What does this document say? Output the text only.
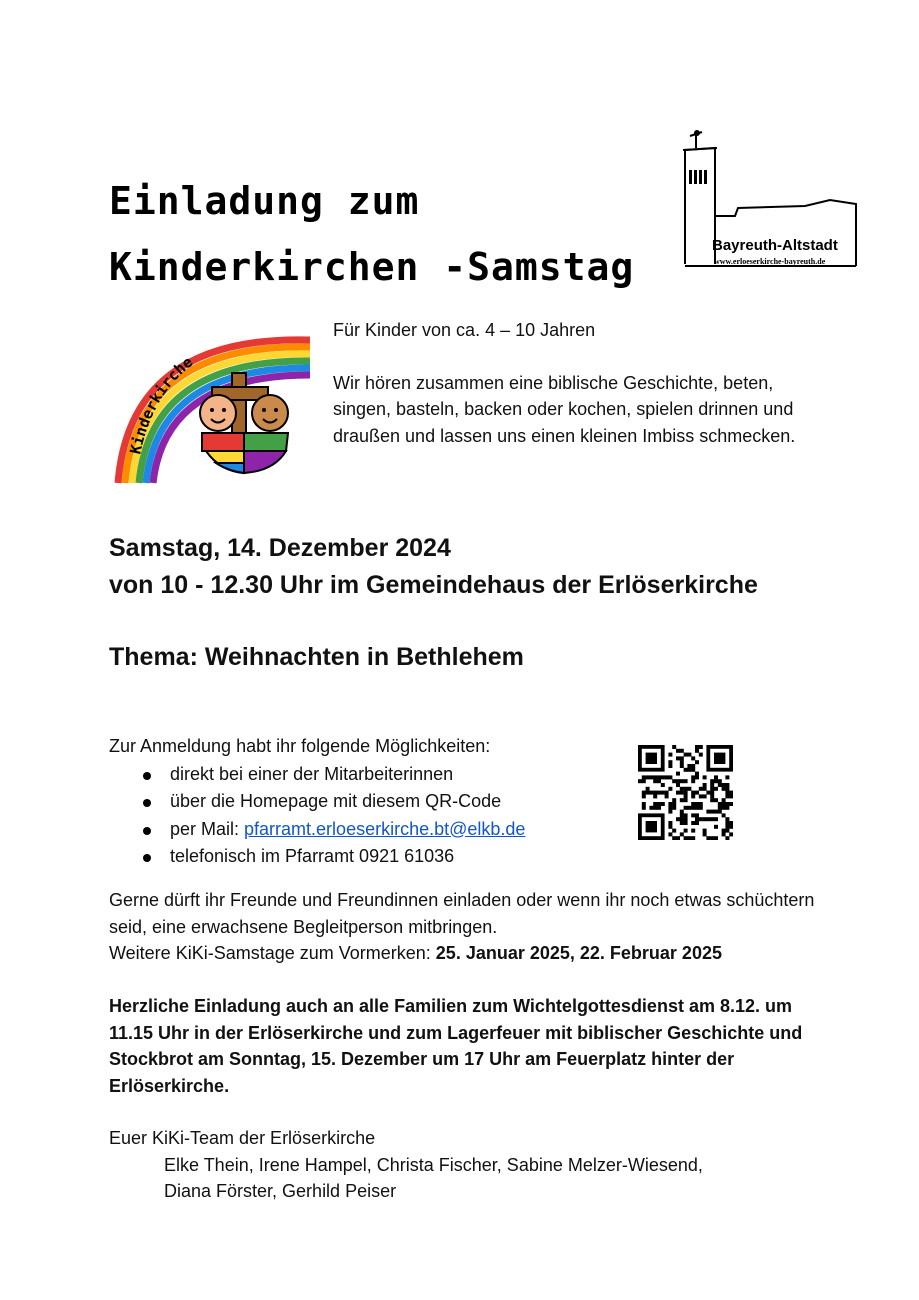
Einladung zum
Kinderkirchen -Samstag	Bayreuth-Altstadt
www.erloeserkirche-bayreuth.de
Kinderkirche

Für Kinder von ca. 4 – 10 Jahren

Wir hören zusammen eine biblische Geschichte, beten, singen, basteln, backen oder kochen, spielen drinnen und draußen und lassen uns einen kleinen Imbiss schmecken.

Samstag, 14. Dezember 2024
von 10 - 12.30 Uhr im Gemeindehaus der Erlöserkirche
Thema: Weihnachten in Bethlehem
Zur Anmeldung habt ihr folgende Möglichkeiten:
direkt bei einer der Mitarbeiterinnen
über die Homepage mit diesem QR-Code
per Mail: pfarramt.erloeserkirche.bt@elkb.de
telefonisch im Pfarramt 0921 61036
Gerne dürft ihr Freunde und Freundinnen einladen oder wenn ihr noch etwas schüchtern seid, eine erwachsene Begleitperson mitbringen.
Weitere KiKi-Samstage zum Vormerken: 25. Januar 2025, 22. Februar 2025
Herzliche Einladung auch an alle Familien zum Wichtelgottesdienst am 8.12. um 11.15 Uhr in der Erlöserkirche und zum Lagerfeuer mit biblischer Geschichte und Stockbrot am Sonntag, 15. Dezember um 17 Uhr am Feuerplatz hinter der Erlöserkirche.
Euer KiKi-Team der Erlöserkirche
Elke Thein, Irene Hampel, Christa Fischer, Sabine Melzer-Wiesend,
Diana Förster, Gerhild Peiser
